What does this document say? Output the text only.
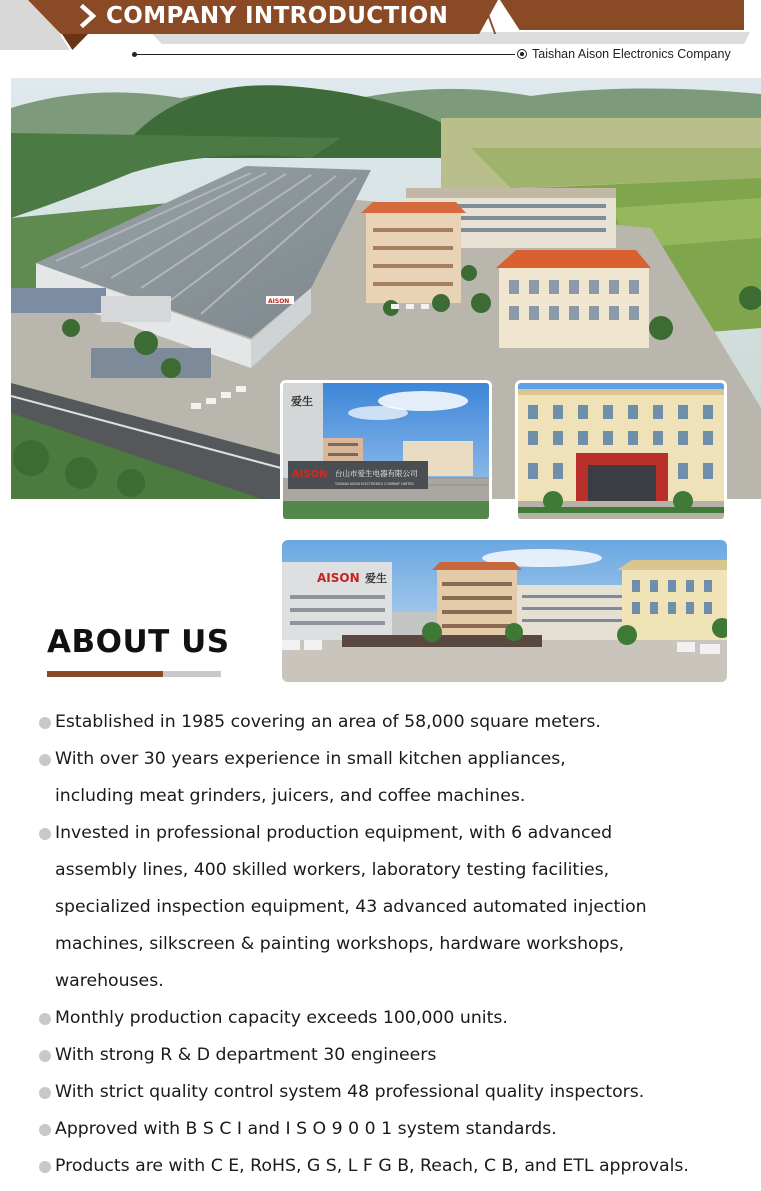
COMPANY INTRODUCTION
Taishan Aison Electronics Company
AISON
爱生
AISON 台山市爱生电器有限公司
TAISHAN AISON ELECTRONICS COMPANY LIMITED
AISON 爱生
ABOUT US
Established in 1985 covering an area of 58,000 square meters.
With over 30 years experience in small kitchen appliances,
including meat grinders, juicers, and coffee machines.
Invested in professional production equipment, with 6 advanced
assembly lines, 400 skilled workers, laboratory testing facilities,
specialized inspection equipment, 43 advanced automated injection
machines, silkscreen & painting workshops, hardware workshops,
warehouses.
Monthly production capacity exceeds 100,000 units.
With strong R & D department 30 engineers
With strict quality control system 48 professional quality inspectors.
Approved with B S C I and I S O 9 0 0 1 system standards.
Products are with C E, RoHS, G S, L F G B, Reach, C B, and ETL approvals.
